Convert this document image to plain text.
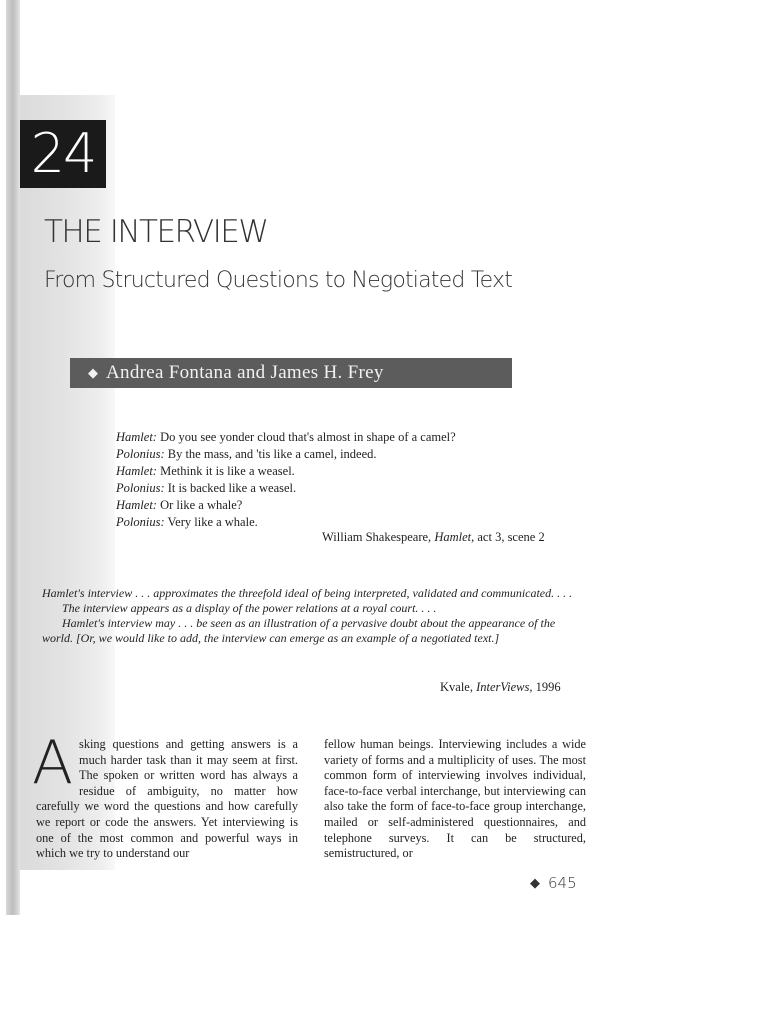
24
THE INTERVIEW
From Structured Questions to Negotiated Text
◆ Andrea Fontana and James H. Frey
Hamlet: Do you see yonder cloud that's almost in shape of a camel?
Polonius: By the mass, and 'tis like a camel, indeed.
Hamlet: Methink it is like a weasel.
Polonius: It is backed like a weasel.
Hamlet: Or like a whale?
Polonius: Very like a whale.
William Shakespeare, Hamlet, act 3, scene 2

Hamlet's interview . . . approximates the threefold ideal of being interpreted, validated and communicated. . . .

The interview appears as a display of the power relations at a royal court. . . .

Hamlet's interview may . . . be seen as an illustration of a pervasive doubt about the appearance of the world. [Or, we would like to add, the interview can emerge as an example of a negotiated text.]

Kvale, InterViews, 1996

Asking questions and getting answers is a much harder task than it may seem at first. The spoken or written word has always a residue of ambiguity, no matter how carefully we word the questions and how carefully we report or code the answers. Yet interviewing is one of the most common and powerful ways in which we try to understand our

fellow human beings. Interviewing includes a wide variety of forms and a multiplicity of uses. The most common form of interviewing involves individual, face-to-face verbal interchange, but interviewing can also take the form of face-to-face group interchange, mailed or self-administered questionnaires, and telephone surveys. It can be structured, semistructured, or

◆ 645
